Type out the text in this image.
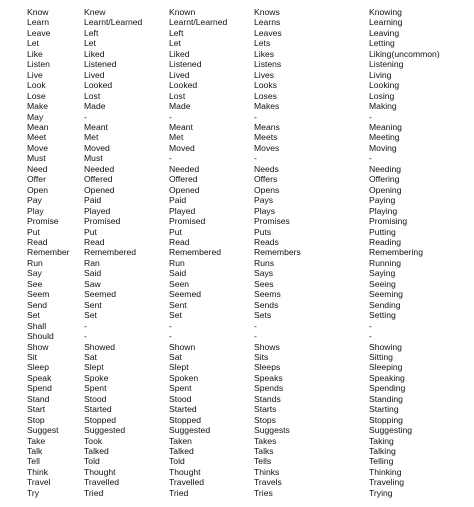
Know	Knew	Known	Knows	Knowing
Learn	Learnt/Learned	Learnt/Learned	Learns	Learning
Leave	Left	Left	Leaves	Leaving
Let	Let	Let	Lets	Letting
Like	Liked	Liked	Likes	Liking(uncommon)
Listen	Listened	Listened	Listens	Listening
Live	Lived	Lived	Lives	Living
Look	Looked	Looked	Looks	Looking
Lose	Lost	Lost	Loses	Losing
Make	Made	Made	Makes	Making
May	-	-	-	-
Mean	Meant	Meant	Means	Meaning
Meet	Met	Met	Meets	Meeting
Move	Moved	Moved	Moves	Moving
Must	Must	-	-	-
Need	Needed	Needed	Needs	Needing
Offer	Offered	Offered	Offers	Offering
Open	Opened	Opened	Opens	Opening
Pay	Paid	Paid	Pays	Paying
Play	Played	Played	Plays	Playing
Promise	Promised	Promised	Promises	Promising
Put	Put	Put	Puts	Putting
Read	Read	Read	Reads	Reading
Remember	Remembered	Remembered	Remembers	Remembering
Run	Ran	Run	Runs	Running
Say	Said	Said	Says	Saying
See	Saw	Seen	Sees	Seeing
Seem	Seemed	Seemed	Seems	Seeming
Send	Sent	Sent	Sends	Sending
Set	Set	Set	Sets	Setting
Shall	-	-	-	-
Should	-	-	-	-
Show	Showed	Shown	Shows	Showing
Sit	Sat	Sat	Sits	Sitting
Sleep	Slept	Slept	Sleeps	Sleeping
Speak	Spoke	Spoken	Speaks	Speaking
Spend	Spent	Spent	Spends	Spending
Stand	Stood	Stood	Stands	Standing
Start	Started	Started	Starts	Starting
Stop	Stopped	Stopped	Stops	Stopping
Suggest	Suggested	Suggested	Suggests	Suggesting
Take	Took	Taken	Takes	Taking
Talk	Talked	Talked	Talks	Talking
Tell	Told	Told	Tells	Telling
Think	Thought	Thought	Thinks	Thinking
Travel	Travelled	Travelled	Travels	Traveling
Try	Tried	Tried	Tries	Trying
